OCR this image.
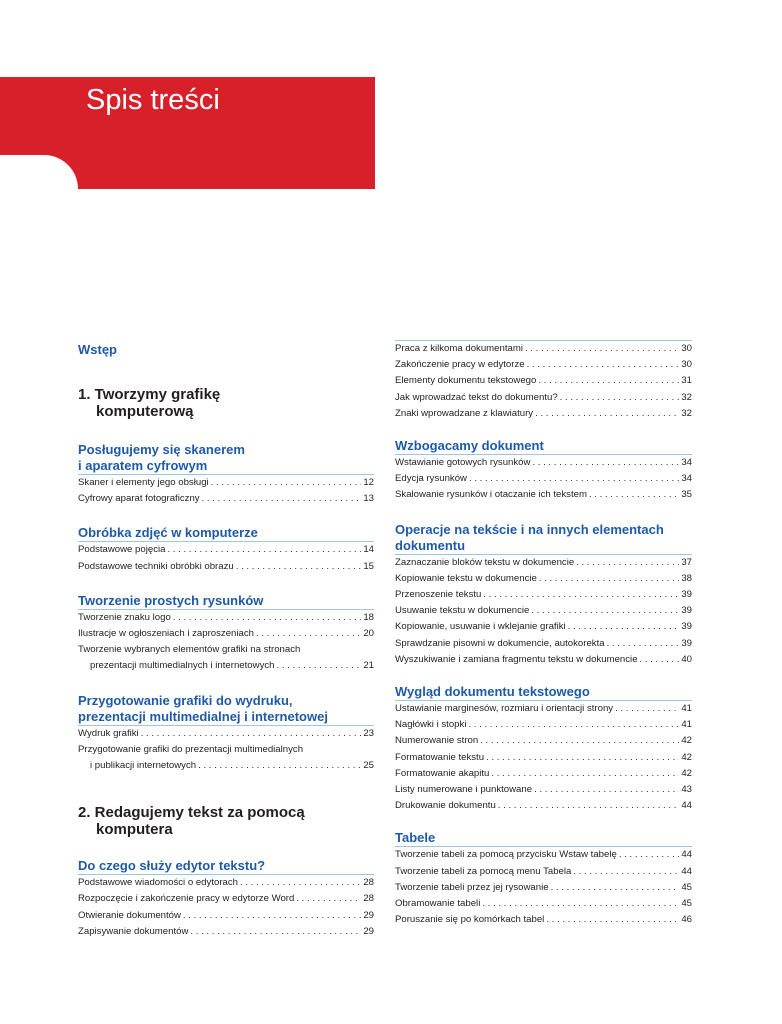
Spis treści
Wstęp
1. Tworzymy grafikę
komputerową
Posługujemy się skanerem
i aparatem cyfrowym
Skaner i elementy jego obsługi . . .	12
Cyfrowy aparat fotograficzny . . .	13
Obróbka zdjęć w komputerze
Podstawowe pojęcia . . .	14
Podstawowe techniki obróbki obrazu . . .	15
Tworzenie prostych rysunków
Tworzenie znaku logo . . .	18
Ilustracje w ogłoszeniach i zaproszeniach . . .	20
Tworzenie wybranych elementów grafiki na stronach
prezentacji multimedialnych i internetowych . . .	21
Przygotowanie grafiki do wydruku,
prezentacji multimedialnej i internetowej
Wydruk grafiki . . .	23
Przygotowanie grafiki do prezentacji multimedialnych
i publikacji internetowych . . .	25
2. Redagujemy tekst za pomocą
komputera
Do czego służy edytor tekstu?
Podstawowe wiadomości o edytorach . . .	28
Rozpoczęcie i zakończenie pracy w edytorze Word . . .	28
Otwieranie dokumentów . . .	29
Zapisywanie dokumentów . . .	29
Praca z kilkoma dokumentami . . .	30
Zakończenie pracy w edytorze . . .	30
Elementy dokumentu tekstowego . . .	31
Jak wprowadzać tekst do dokumentu? . . .	32
Znaki wprowadzane z klawiatury . . .	32
Wzbogacamy dokument
Wstawianie gotowych rysunków . . .	34
Edycja rysunków . . .	34
Skalowanie rysunków i otaczanie ich tekstem . . .	35
Operacje na tekście i na innych elementach
dokumentu
Zaznaczanie bloków tekstu w dokumencie . . .	37
Kopiowanie tekstu w dokumencie . . .	38
Przenoszenie tekstu . . .	39
Usuwanie tekstu w dokumencie . . .	39
Kopiowanie, usuwanie i wklejanie grafiki . . .	39
Sprawdzanie pisowni w dokumencie, autokorekta . . .	39
Wyszukiwanie i zamiana fragmentu tekstu w dokumencie . . .	40
Wygląd dokumentu tekstowego
Ustawianie marginesów, rozmiaru i orientacji strony . . .	41
Nagłówki i stopki . . .	41
Numerowanie stron . . .	42
Formatowanie tekstu . . .	42
Formatowanie akapitu . . .	42
Listy numerowane i punktowane . . .	43
Drukowanie dokumentu . . .	44
Tabele
Tworzenie tabeli za pomocą przycisku Wstaw tabelę . . .	44
Tworzenie tabeli za pomocą menu Tabela . . .	44
Tworzenie tabeli przez jej rysowanie . . .	45
Obramowanie tabeli . . .	45
Poruszanie się po komórkach tabel . . .	46
